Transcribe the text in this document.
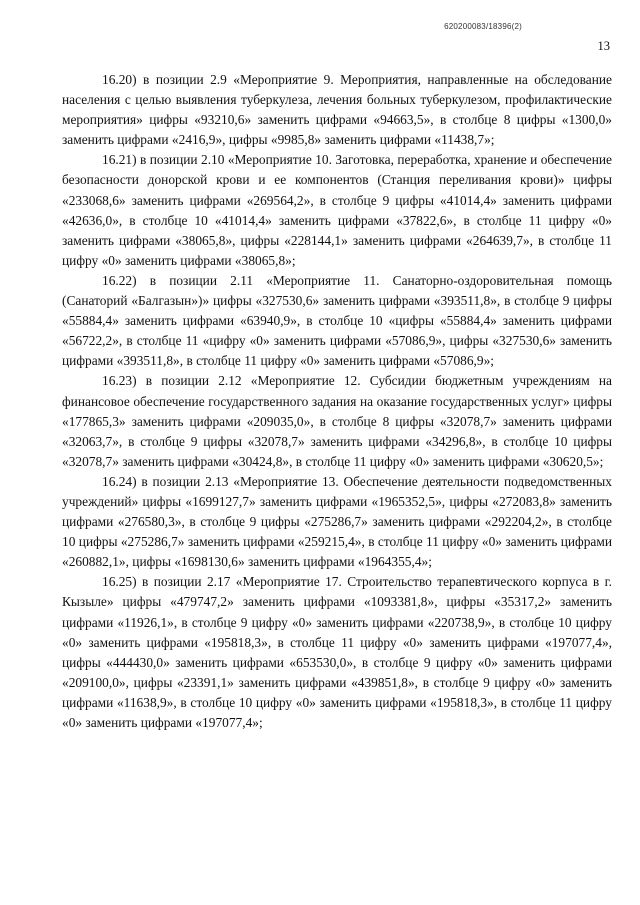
620200083/18396(2)
13

16.20) в позиции 2.9 «Мероприятие 9. Мероприятия, направленные на обследование населения с целью выявления туберкулеза, лечения больных туберкулезом, профилактические мероприятия» цифры «93210,6» заменить цифрами «94663,5», в столбце 8 цифры «1300,0» заменить цифрами «2416,9», цифры «9985,8» заменить цифрами «11438,7»;

16.21) в позиции 2.10 «Мероприятие 10. Заготовка, переработка, хранение и обеспечение безопасности донорской крови и ее компонентов (Станция переливания крови)» цифры «233068,6» заменить цифрами «269564,2», в столбце 9 цифры «41014,4» заменить цифрами «42636,0», в столбце 10 «41014,4» заменить цифрами «37822,6», в столбце 11 цифру «0» заменить цифрами «38065,8», цифры «228144,1» заменить цифрами «264639,7», в столбце 11 цифру «0» заменить цифрами «38065,8»;

16.22) в позиции 2.11 «Мероприятие 11. Санаторно-оздоровительная помощь (Санаторий «Балгазын»)» цифры «327530,6» заменить цифрами «393511,8», в столбце 9 цифры «55884,4» заменить цифрами «63940,9», в столбце 10 «цифры «55884,4» заменить цифрами «56722,2», в столбце 11 «цифру «0» заменить цифрами «57086,9», цифры «327530,6» заменить цифрами «393511,8», в столбце 11 цифру «0» заменить цифрами «57086,9»;

16.23) в позиции 2.12 «Мероприятие 12. Субсидии бюджетным учреждениям на финансовое обеспечение государственного задания на оказание государственных услуг» цифры «177865,3» заменить цифрами «209035,0», в столбце 8 цифры «32078,7» заменить цифрами «32063,7», в столбце 9 цифры «32078,7» заменить цифрами «34296,8», в столбце 10 цифры «32078,7» заменить цифрами «30424,8», в столбце 11 цифру «0» заменить цифрами «30620,5»;

16.24) в позиции 2.13 «Мероприятие 13. Обеспечение деятельности подведомственных учреждений» цифры «1699127,7» заменить цифрами «1965352,5», цифры «272083,8» заменить цифрами «276580,3», в столбце 9 цифры «275286,7» заменить цифрами «292204,2», в столбце 10 цифры «275286,7» заменить цифрами «259215,4», в столбце 11 цифру «0» заменить цифрами «260882,1», цифры «1698130,6» заменить цифрами «1964355,4»;

16.25) в позиции 2.17 «Мероприятие 17. Строительство терапевтического корпуса в г. Кызыле» цифры «479747,2» заменить цифрами «1093381,8», цифры «35317,2» заменить цифрами «11926,1», в столбце 9 цифру «0» заменить цифрами «220738,9», в столбце 10 цифру «0» заменить цифрами «195818,3», в столбце 11 цифру «0» заменить цифрами «197077,4», цифры «444430,0» заменить цифрами «653530,0», в столбце 9 цифру «0» заменить цифрами «209100,0», цифры «23391,1» заменить цифрами «439851,8», в столбце 9 цифру «0» заменить цифрами «11638,9», в столбце 10 цифру «0» заменить цифрами «195818,3», в столбце 11 цифру «0» заменить цифрами «197077,4»;
